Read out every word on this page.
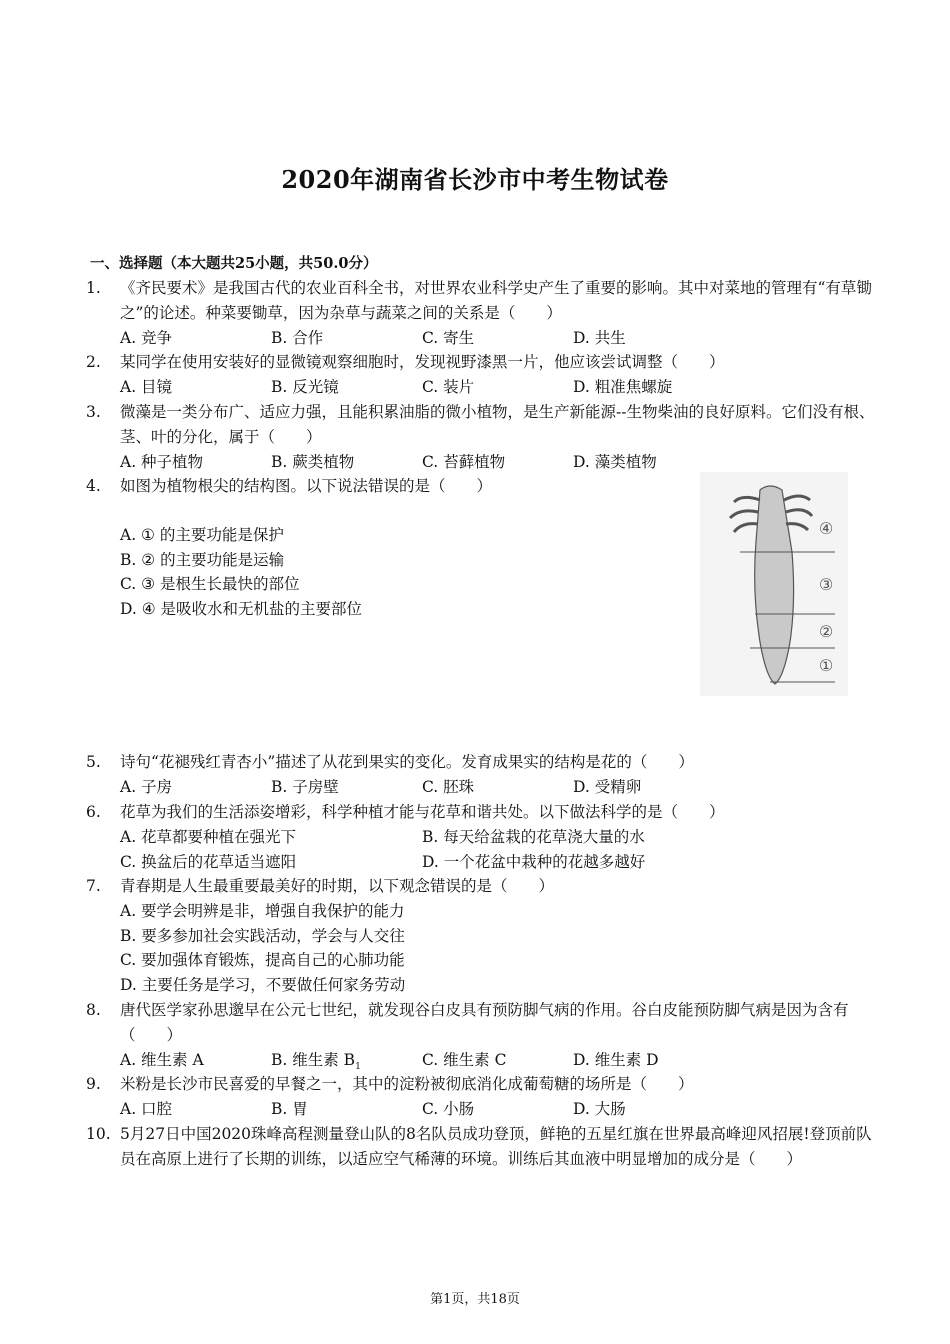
2020年湖南省长沙市中考生物试卷
一、选择题（本大题共25小题，共50.0分）
1.	《齐民要术》是我国古代的农业百科全书，对世界农业科学史产生了重要的影响。其中对菜地的管理有“有草锄之”的论述。种菜要锄草，因为杂草与蔬菜之间的关系是（　　）
A. 竞争	B. 合作	C. 寄生	D. 共生
2.	某同学在使用安装好的显微镜观察细胞时，发现视野漆黑一片，他应该尝试调整（　　）
A. 目镜	B. 反光镜	C. 装片	D. 粗准焦螺旋
3.	微藻是一类分布广、适应力强，且能积累油脂的微小植物，是生产新能源--生物柴油的良好原料。它们没有根、茎、叶的分化，属于（　　）
A. 种子植物	B. 蕨类植物	C. 苔藓植物	D. 藻类植物
4.	如图为植物根尖的结构图。以下说法错误的是（　　）
A. ① 的主要功能是保护
B. ② 的主要功能是运输
C. ③ 是根生长最快的部位
D. ④ 是吸收水和无机盐的主要部位
④
③
②
①
5.	诗句“花褪残红青杏小”描述了从花到果实的变化。发育成果实的结构是花的（　　）
A. 子房	B. 子房壁	C. 胚珠	D. 受精卵
6.	花草为我们的生活添姿增彩，科学种植才能与花草和谐共处。以下做法科学的是（　　）
A. 花草都要种植在强光下	B. 每天给盆栽的花草浇大量的水
C. 换盆后的花草适当遮阳	D. 一个花盆中栽种的花越多越好
7.	青春期是人生最重要最美好的时期，以下观念错误的是（　　）
A. 要学会明辨是非，增强自我保护的能力
B. 要多参加社会实践活动，学会与人交往
C. 要加强体育锻炼，提高自己的心肺功能
D. 主要任务是学习，不要做任何家务劳动
8.	唐代医学家孙思邈早在公元七世纪，就发现谷白皮具有预防脚气病的作用。谷白皮能预防脚气病是因为含有（　　）
A. 维生素 A	B. 维生素 $B_1$	C. 维生素 C	D. 维生素 D
9.	米粉是长沙市民喜爱的早餐之一，其中的淀粉被彻底消化成葡萄糖的场所是（　　）
A. 口腔	B. 胃	C. 小肠	D. 大肠
10. 5月27日中国2020珠峰高程测量登山队的8名队员成功登顶，鲜艳的五星红旗在世界最高峰迎风招展!登顶前队员在高原上进行了长期的训练，以适应空气稀薄的环境。训练后其血液中明显增加的成分是（　　）
第1页，共18页
